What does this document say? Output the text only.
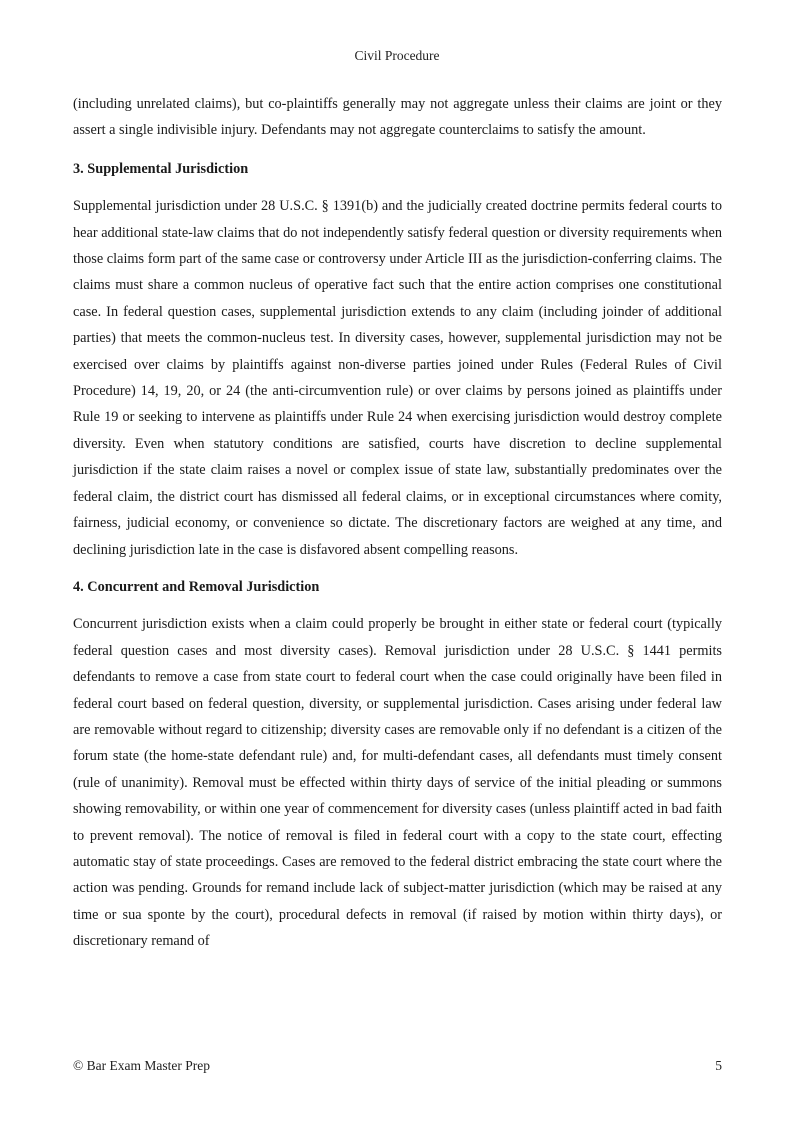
Civil Procedure

(including unrelated claims), but co-plaintiffs generally may not aggregate unless their claims are joint or they assert a single indivisible injury. Defendants may not aggregate counterclaims to satisfy the amount.

3. Supplemental Jurisdiction

Supplemental jurisdiction under 28 U.S.C. § 1391(b) and the judicially created doctrine permits federal courts to hear additional state-law claims that do not independently satisfy federal question or diversity requirements when those claims form part of the same case or controversy under Article III as the jurisdiction-conferring claims. The claims must share a common nucleus of operative fact such that the entire action comprises one constitutional case. In federal question cases, supplemental jurisdiction extends to any claim (including joinder of additional parties) that meets the common-nucleus test. In diversity cases, however, supplemental jurisdiction may not be exercised over claims by plaintiffs against non-diverse parties joined under Rules (Federal Rules of Civil Procedure) 14, 19, 20, or 24 (the anti-circumvention rule) or over claims by persons joined as plaintiffs under Rule 19 or seeking to intervene as plaintiffs under Rule 24 when exercising jurisdiction would destroy complete diversity. Even when statutory conditions are satisfied, courts have discretion to decline supplemental jurisdiction if the state claim raises a novel or complex issue of state law, substantially predominates over the federal claim, the district court has dismissed all federal claims, or in exceptional circumstances where comity, fairness, judicial economy, or convenience so dictate. The discretionary factors are weighed at any time, and declining jurisdiction late in the case is disfavored absent compelling reasons.

4. Concurrent and Removal Jurisdiction

Concurrent jurisdiction exists when a claim could properly be brought in either state or federal court (typically federal question cases and most diversity cases). Removal jurisdiction under 28 U.S.C. § 1441 permits defendants to remove a case from state court to federal court when the case could originally have been filed in federal court based on federal question, diversity, or supplemental jurisdiction. Cases arising under federal law are removable without regard to citizenship; diversity cases are removable only if no defendant is a citizen of the forum state (the home-state defendant rule) and, for multi-defendant cases, all defendants must timely consent (rule of unanimity). Removal must be effected within thirty days of service of the initial pleading or summons showing removability, or within one year of commencement for diversity cases (unless plaintiff acted in bad faith to prevent removal). The notice of removal is filed in federal court with a copy to the state court, effecting automatic stay of state proceedings. Cases are removed to the federal district embracing the state court where the action was pending. Grounds for remand include lack of subject-matter jurisdiction (which may be raised at any time or sua sponte by the court), procedural defects in removal (if raised by motion within thirty days), or discretionary remand of

© Bar Exam Master Prep	5
